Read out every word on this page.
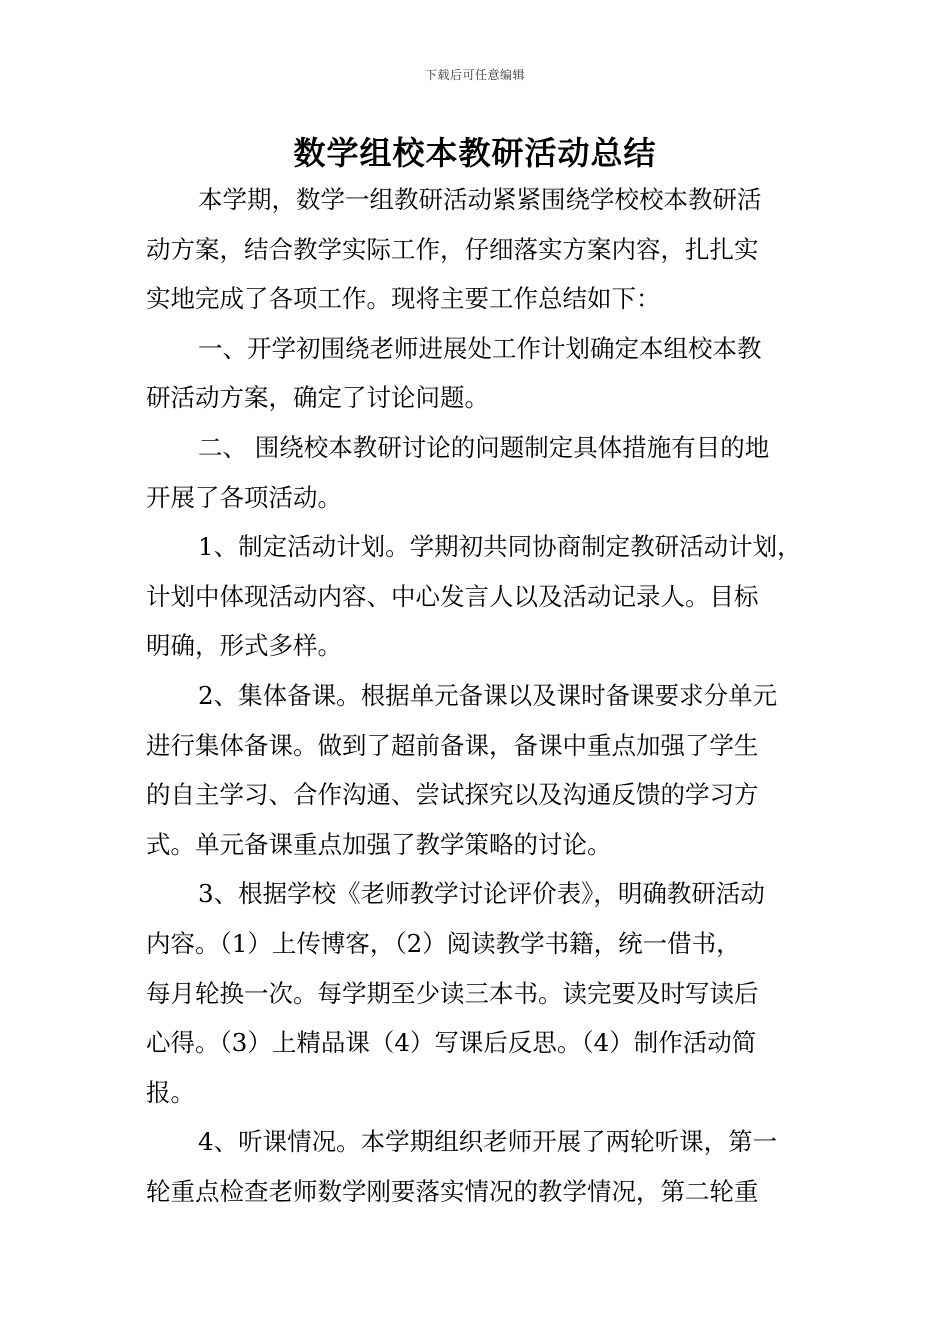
下载后可任意编辑
数学组校本教研活动总结
本学期，数学一组教研活动紧紧围绕学校校本教研活
动方案，结合教学实际工作，仔细落实方案内容，扎扎实
实地完成了各项工作。现将主要工作总结如下：
一、开学初围绕老师进展处工作计划确定本组校本教
研活动方案，确定了讨论问题。
二、 围绕校本教研讨论的问题制定具体措施有目的地
开展了各项活动。
1、制定活动计划。学期初共同协商制定教研活动计划，
计划中体现活动内容、中心发言人以及活动记录人。目标
明确，形式多样。
2、集体备课。根据单元备课以及课时备课要求分单元
进行集体备课。做到了超前备课，备课中重点加强了学生
的自主学习、合作沟通、尝试探究以及沟通反馈的学习方
式。单元备课重点加强了教学策略的讨论。
3、根据学校《老师教学讨论评价表》，明确教研活动
内容。（1）上传博客，（2）阅读教学书籍，统一借书，
每月轮换一次。每学期至少读三本书。读完要及时写读后
心得。（3）上精品课（4）写课后反思。（4）制作活动简
报。
4、听课情况。本学期组织老师开展了两轮听课，第一
轮重点检查老师数学刚要落实情况的教学情况，第二轮重
